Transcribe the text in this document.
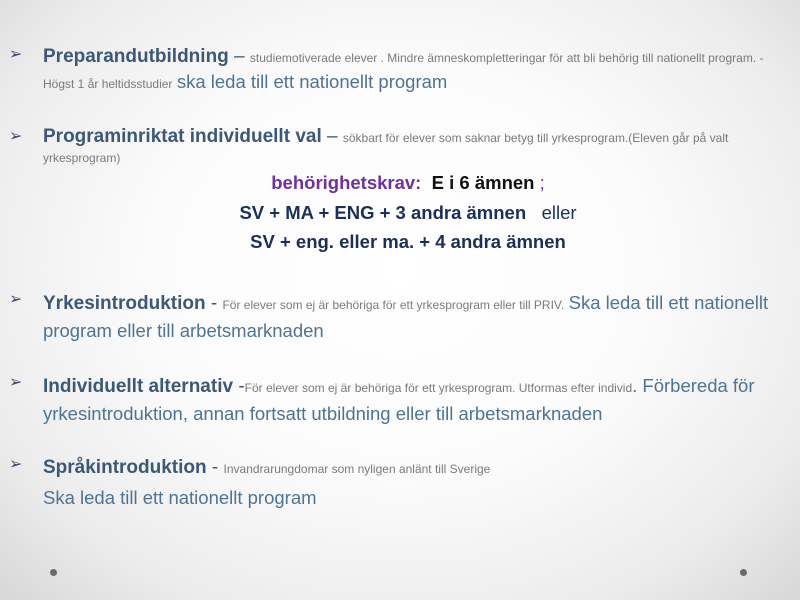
➢ Preparandutbildning – studiemotiverade elever . Mindre ämneskompletteringar för att bli behörig till nationellt program. - Högst 1 år heltidsstudier ska leda till ett nationellt program
➢ Programinriktat individuellt val – sökbart för elever som saknar betyg till yrkesprogram.(Eleven går på valt yrkesprogram)
behörighetskrav: E i 6 ämnen ;
SV + MA + ENG + 3 andra ämnen eller
SV + eng. eller ma. + 4 andra ämnen
➢ Yrkesintroduktion - För elever som ej är behöriga för ett yrkesprogram eller till PRIV. Ska leda till ett nationellt program eller till arbetsmarknaden
➢ Individuellt alternativ -För elever som ej är behöriga för ett yrkesprogram. Utformas efter individ. Förbereda för yrkesintroduktion, annan fortsatt utbildning eller till arbetsmarknaden
➢ Språkintroduktion - Invandrarungdomar som nyligen anlänt till Sverige
Ska leda till ett nationellt program
